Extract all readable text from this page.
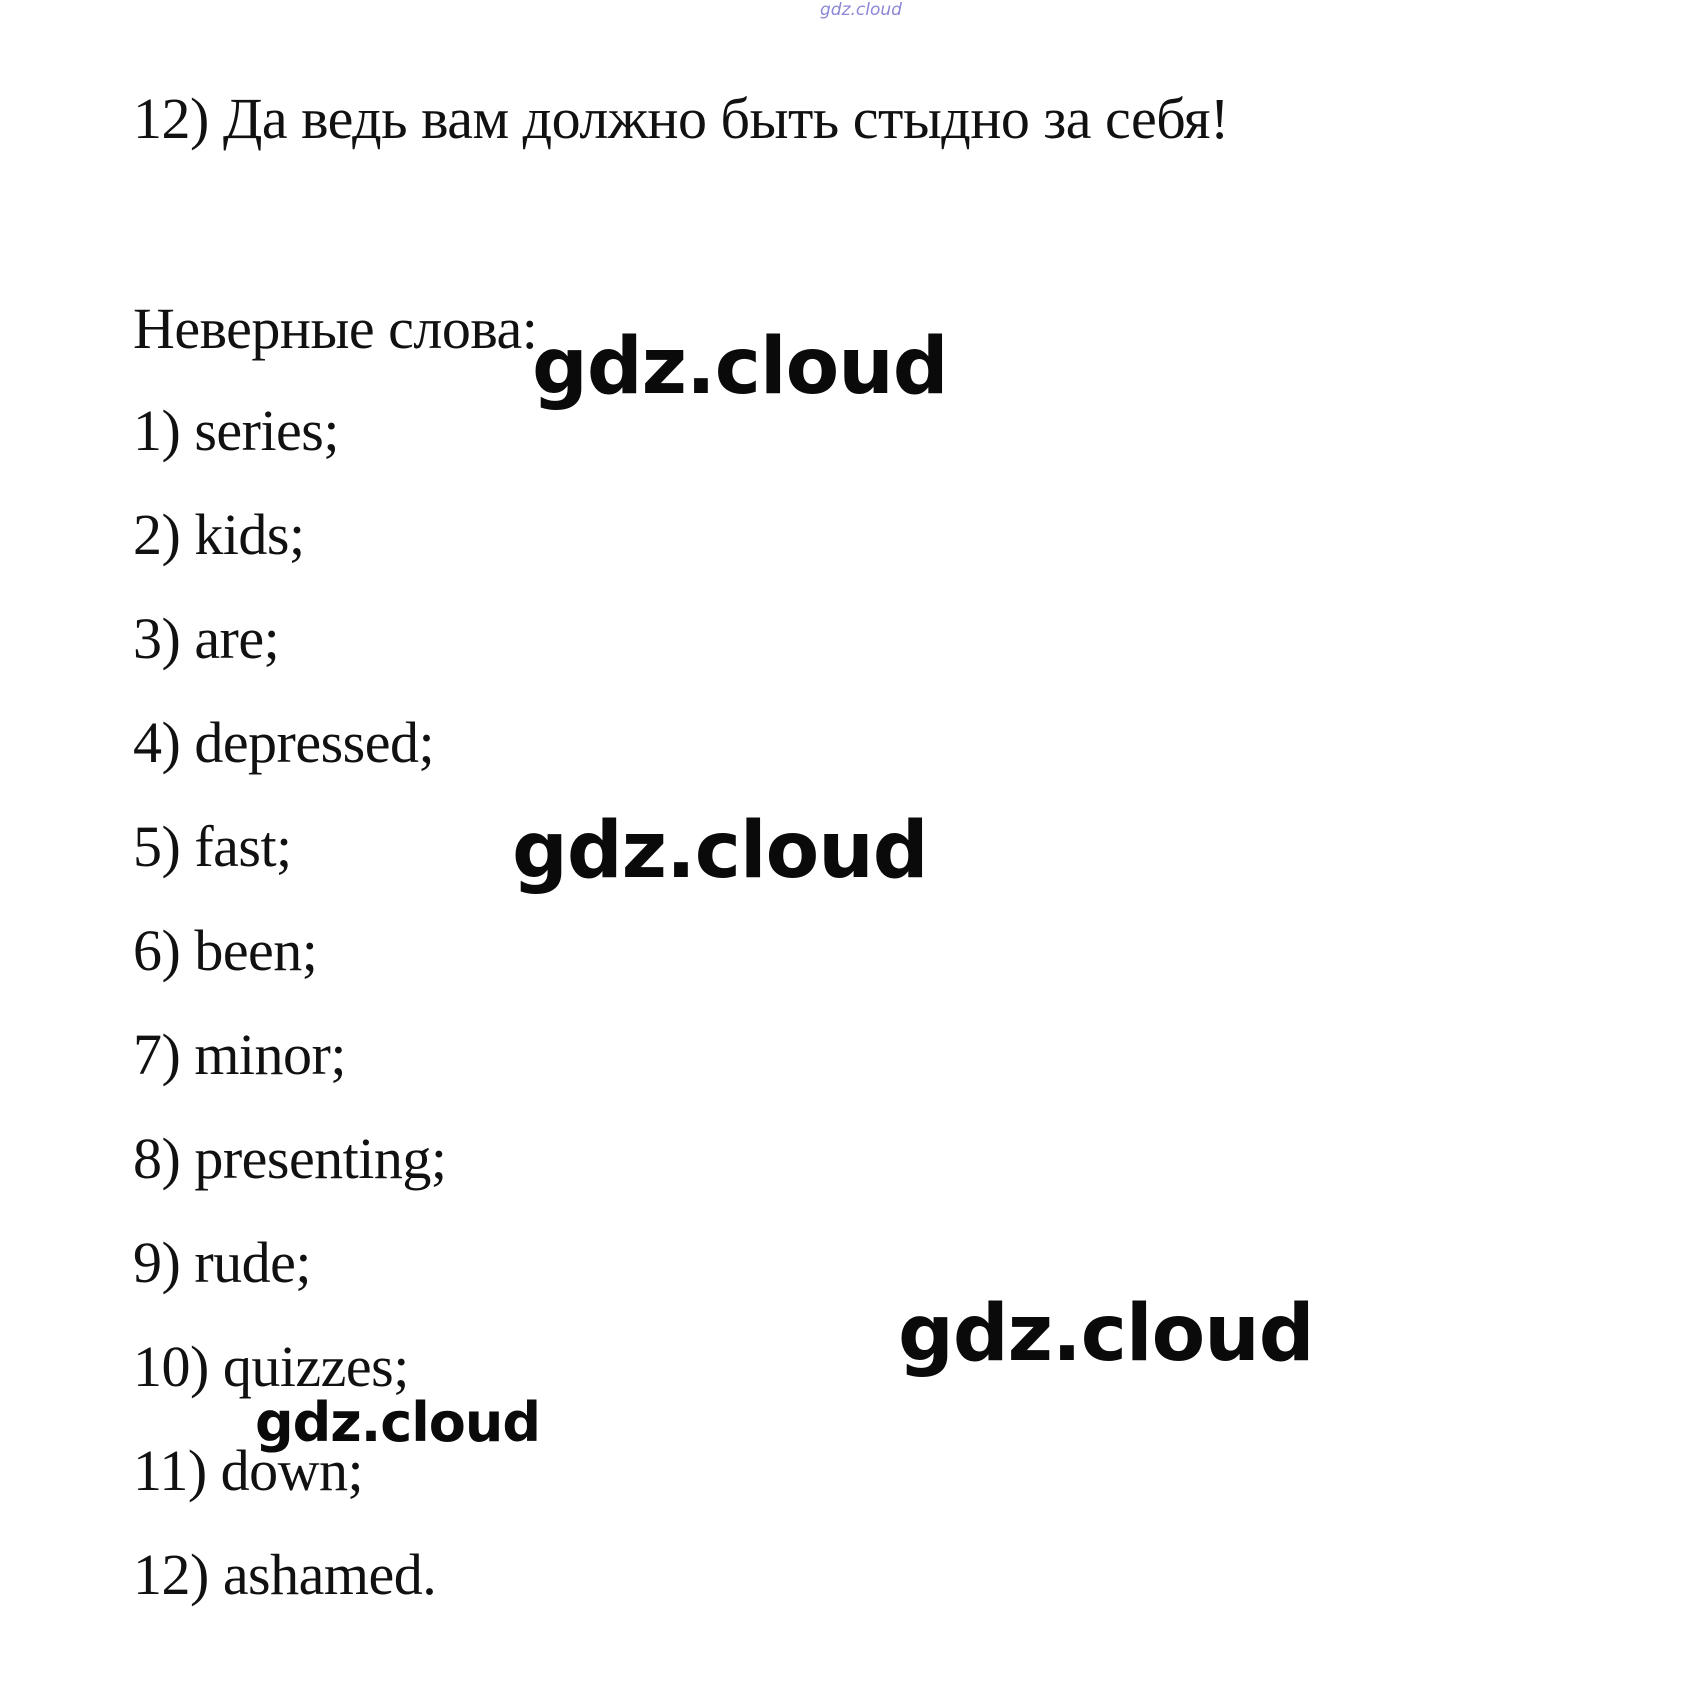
gdz.cloud
12) Да ведь вам должно быть стыдно за себя!
Неверные слова:
1) series;
2) kids;
3) are;
4) depressed;
5) fast;
6) been;
7) minor;
8) presenting;
9) rude;
10) quizzes;
11) down;
12) ashamed.
gdz.cloud
gdz.cloud
gdz.cloud
gdz.cloud
